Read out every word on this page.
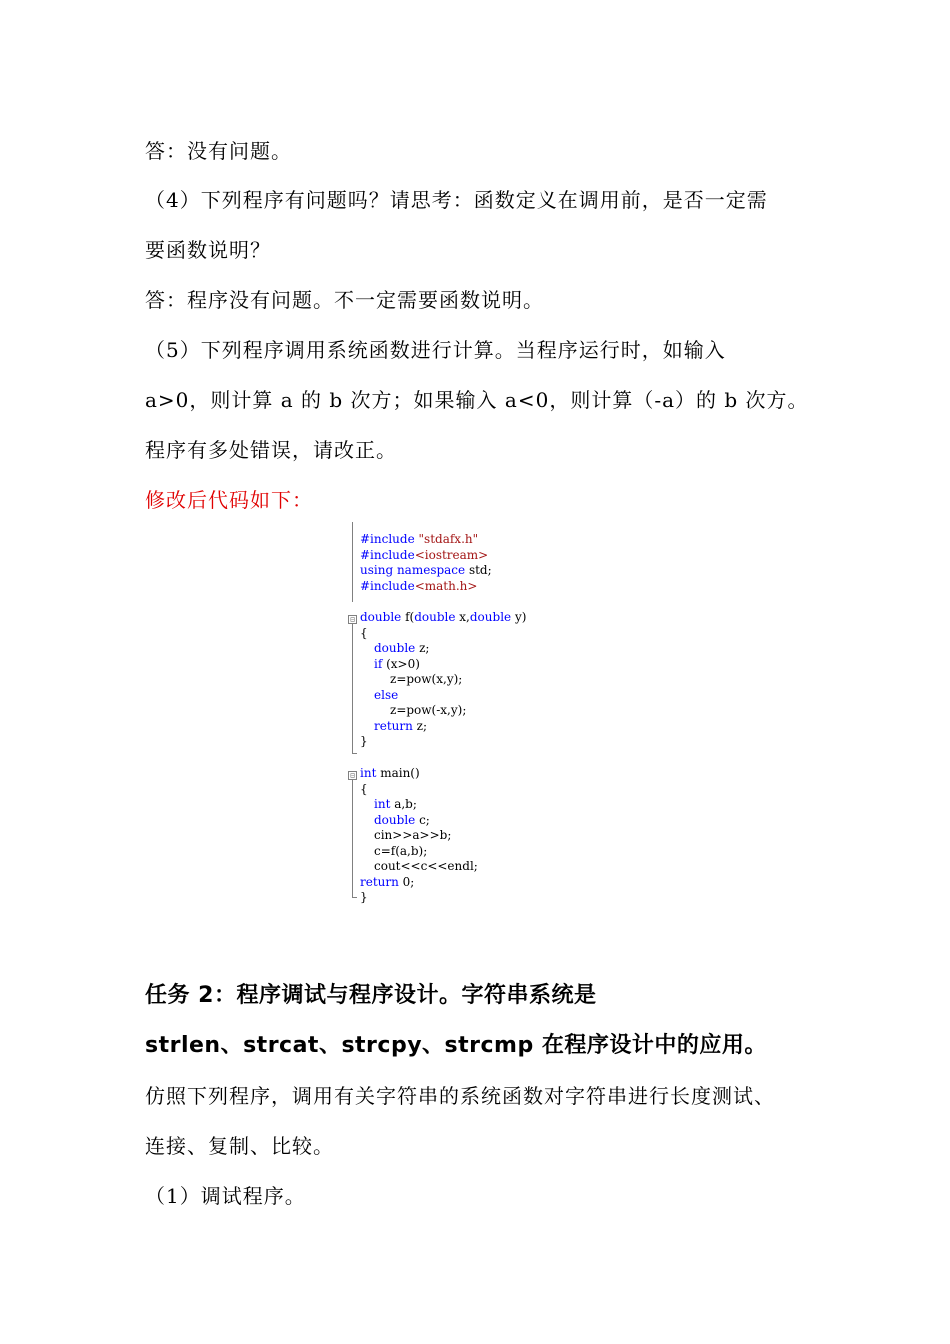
答：没有问题。
（4）下列程序有问题吗？请思考：函数定义在调用前，是否一定需
要函数说明？
答：程序没有问题。不一定需要函数说明。
（5）下列程序调用系统函数进行计算。当程序运行时，如输入
a>0，则计算 a 的 b 次方；如果输入 a<0，则计算（-a）的 b 次方。
程序有多处错误，请改正。
修改后代码如下：
#include "stdafx.h"
#include<iostream>
using namespace std;
#include<math.h>
⊟ double f(double x,double y)
{
double z;
if (x>0)
z=pow(x,y);
else
z=pow(-x,y);
return z;
}
⊟ int main()
{
int a,b;
double c;
cin>>a>>b;
c=f(a,b);
cout<<c<<endl;
return 0;
}
任务 2：程序调试与程序设计。字符串系统是
strlen、strcat、strcpy、strcmp 在程序设计中的应用。
仿照下列程序，调用有关字符串的系统函数对字符串进行长度测试、
连接、复制、比较。
（1）调试程序。
